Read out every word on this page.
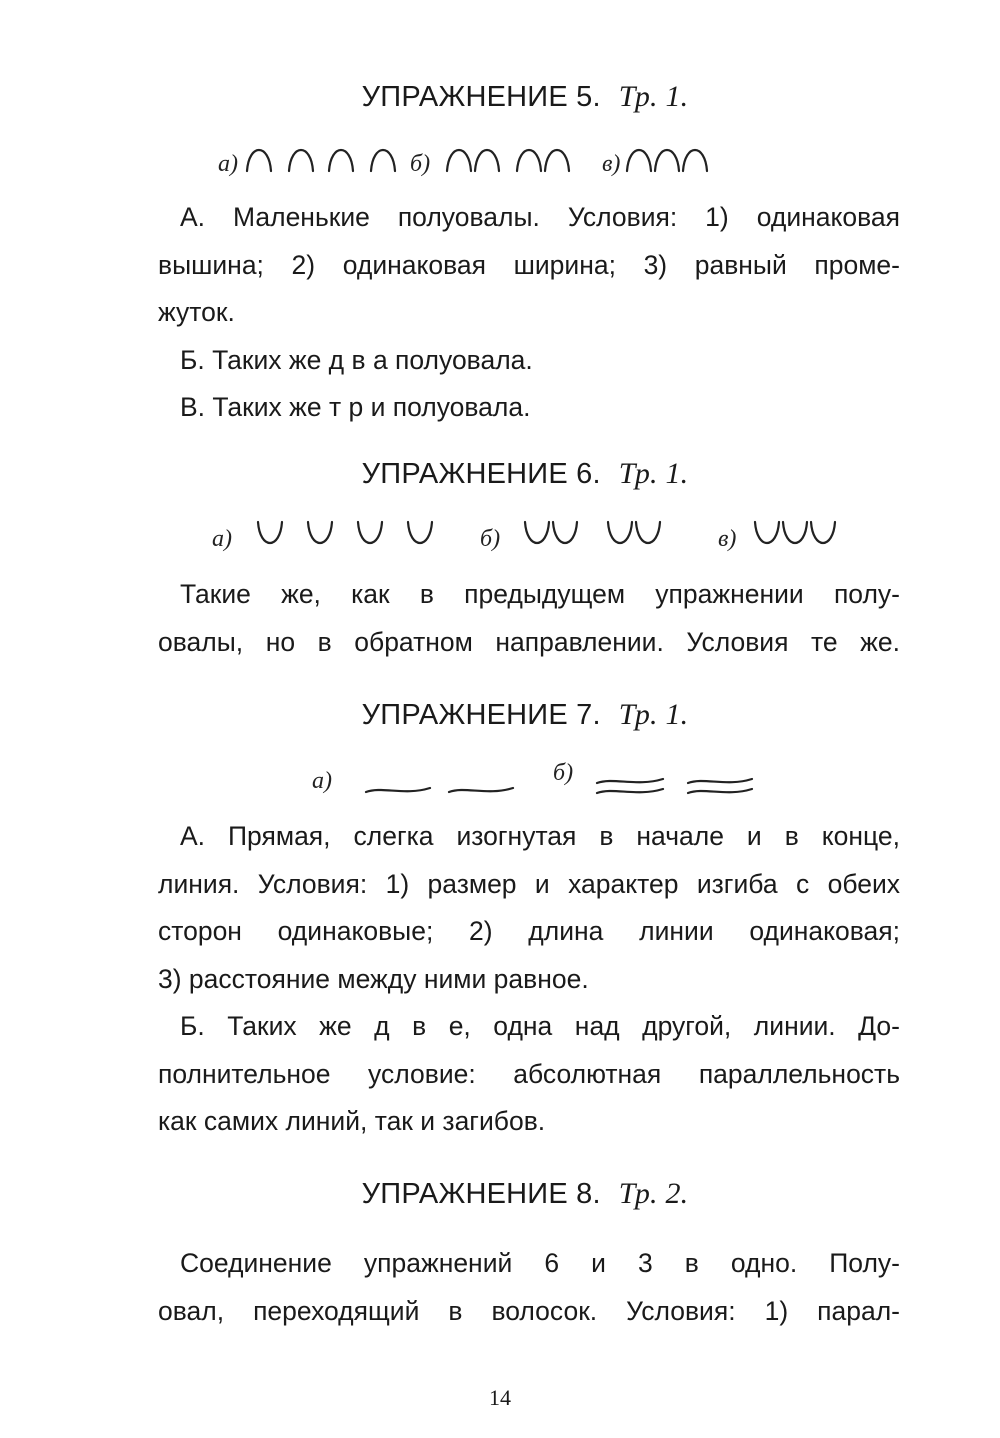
УПРАЖНЕНИЕ 5. Тр. 1.
а)	б)	в)
А. Маленькие полуовалы. Условия: 1) одинаковая
вышина; 2) одинаковая ширина; 3) равный проме-
жуток.
Б. Таких же д в а полуовала.
В. Таких же т р и полуовала.
УПРАЖНЕНИЕ 6. Тр. 1.
а)	б)	в)
Такие же, как в предыдущем упражнении полу-
овалы, но в обратном направлении. Условия те же.
УПРАЖНЕНИЕ 7. Тр. 1.
а)	б)
А. Прямая, слегка изогнутая в начале и в конце,
линия. Условия: 1) размер и характер изгиба с обеих
сторон одинаковые; 2) длина линии одинаковая;
3) расстояние между ними равное.
Б. Таких же д в е, одна над другой, линии. До-
полнительное условие: абсолютная параллельность
как самих линий, так и загибов.
УПРАЖНЕНИЕ 8. Тр. 2.
Соединение упражнений 6 и 3 в одно. Полу-
овал, переходящий в волосок. Условия: 1) парал-
14
